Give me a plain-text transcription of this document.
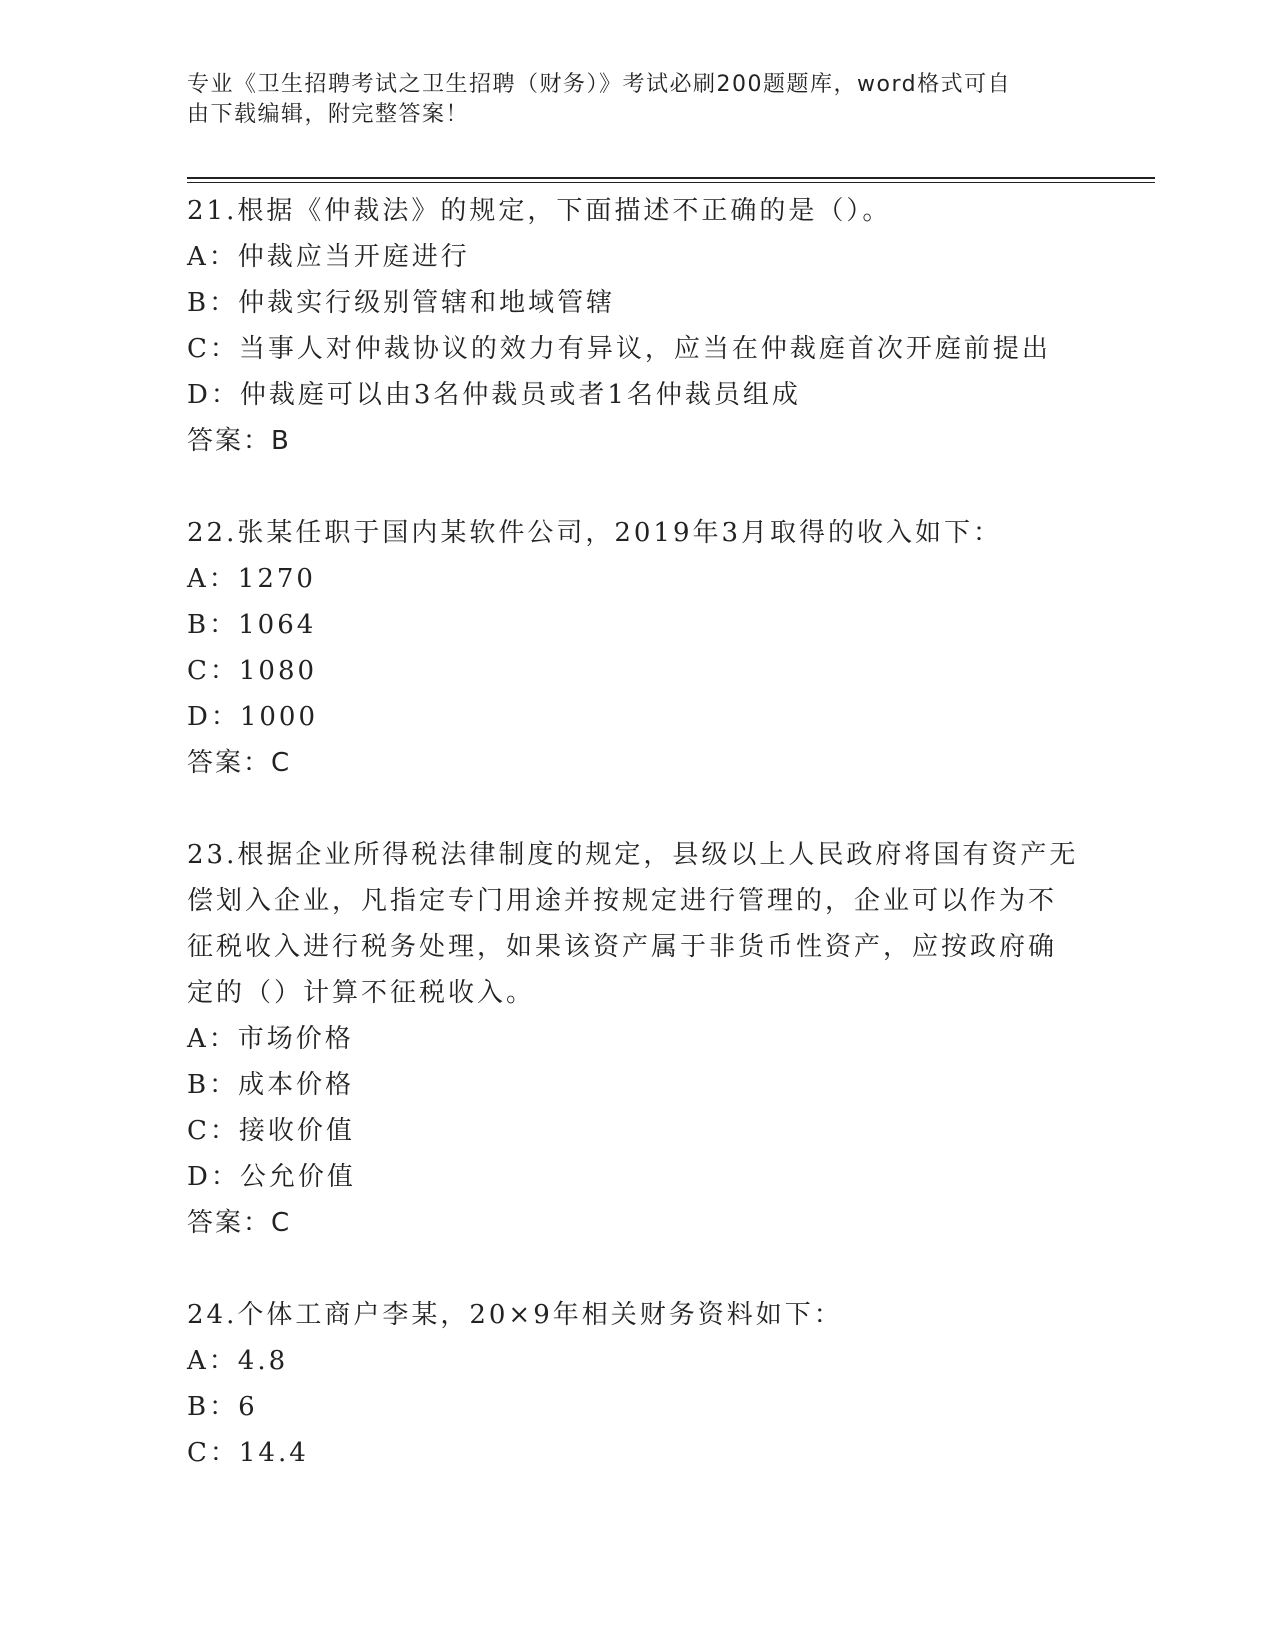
专业《卫生招聘考试之卫生招聘（财务）》考试必刷200题题库，word格式可自
由下载编辑，附完整答案！
21.根据《仲裁法》的规定，下面描述不正确的是（）。
A：仲裁应当开庭进行
B：仲裁实行级别管辖和地域管辖
C：当事人对仲裁协议的效力有异议，应当在仲裁庭首次开庭前提出
D：仲裁庭可以由3名仲裁员或者1名仲裁员组成
答案：B
22.张某任职于国内某软件公司，2019年3月取得的收入如下：
A：1270
B：1064
C：1080
D：1000
答案：C
23.根据企业所得税法律制度的规定，县级以上人民政府将国有资产无
偿划入企业，凡指定专门用途并按规定进行管理的，企业可以作为不
征税收入进行税务处理，如果该资产属于非货币性资产，应按政府确
定的（）计算不征税收入。
A：市场价格
B：成本价格
C：接收价值
D：公允价值
答案：C
24.个体工商户李某，20×9年相关财务资料如下：
A：4.8
B：6
C：14.4
